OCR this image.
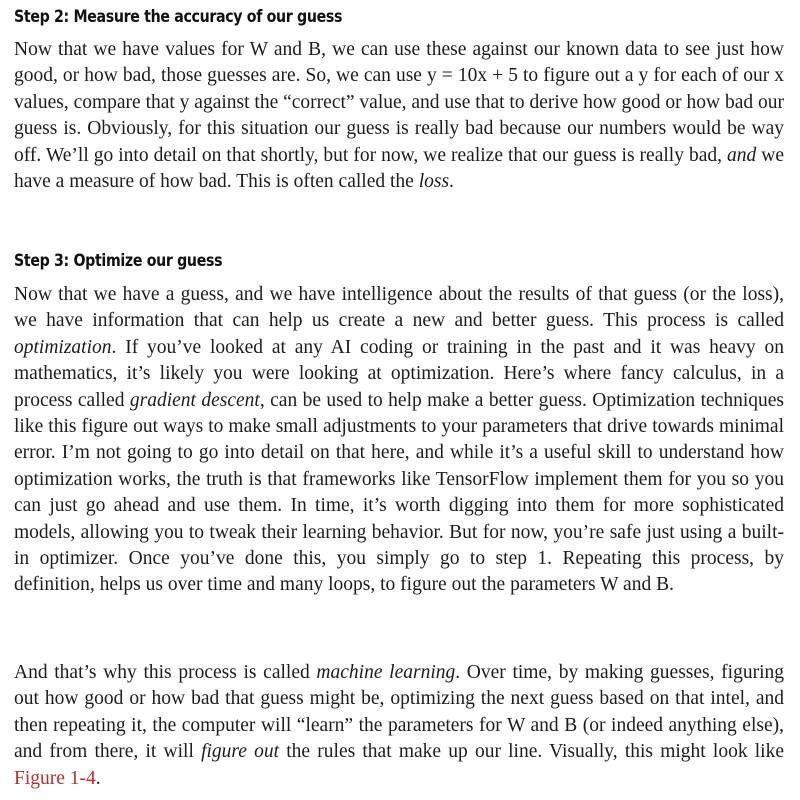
Step 2: Measure the accuracy of our guess

Now that we have values for W and B, we can use these against our known data to see just how good, or how bad, those guesses are. So, we can use y = 10x + 5 to figure out a y for each of our x values, compare that y against the “correct” value, and use that to derive how good or how bad our guess is. Obviously, for this situation our guess is really bad because our numbers would be way off. We’ll go into detail on that shortly, but for now, we realize that our guess is really bad, and we have a measure of how bad. This is often called the loss.

Step 3: Optimize our guess

Now that we have a guess, and we have intelligence about the results of that guess (or the loss), we have information that can help us create a new and better guess. This process is called optimization. If you’ve looked at any AI coding or training in the past and it was heavy on mathematics, it’s likely you were looking at optimization. Here’s where fancy calculus, in a process called gradient descent, can be used to help make a better guess. Optimization techniques like this figure out ways to make small adjustments to your parameters that drive towards minimal error. I’m not going to go into detail on that here, and while it’s a useful skill to understand how optimization works, the truth is that frameworks like TensorFlow implement them for you so you can just go ahead and use them. In time, it’s worth digging into them for more sophisticated models, allowing you to tweak their learning behavior. But for now, you’re safe just using a built-in optimizer. Once you’ve done this, you simply go to step 1. Repeating this process, by definition, helps us over time and many loops, to figure out the parameters W and B.

And that’s why this process is called machine learning. Over time, by making guesses, figuring out how good or how bad that guess might be, optimizing the next guess based on that intel, and then repeating it, the computer will “learn” the parameters for W and B (or indeed anything else), and from there, it will figure out the rules that make up our line. Visually, this might look like Figure 1-4.
